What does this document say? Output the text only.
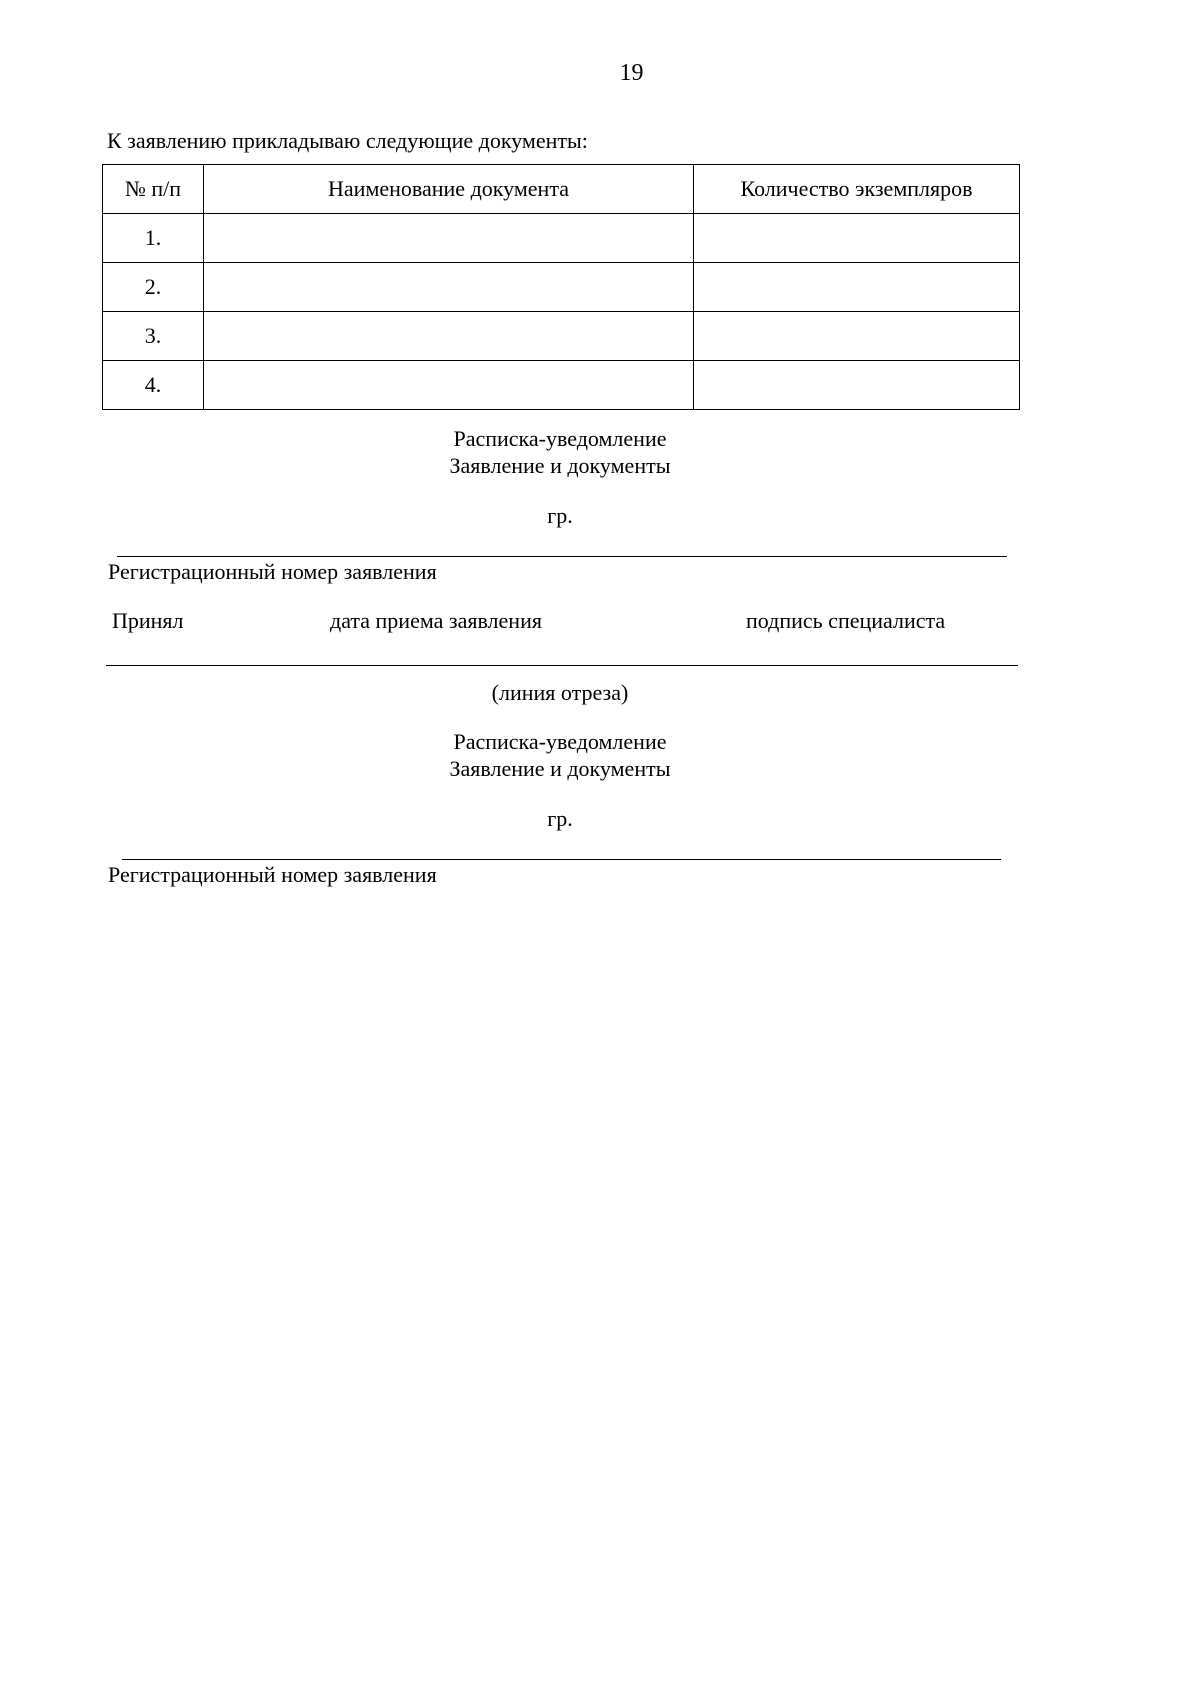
19
К заявлению прикладываю следующие документы:
№ п/п	Наименование документа	Количество экземпляров
1.		
2.		
3.		
4.		
Расписка-уведомление
Заявление и документы
гр.
Регистрационный номер заявления
Принял	дата приема заявления	подпись специалиста
(линия отреза)
Расписка-уведомление
Заявление и документы
гр.
Регистрационный номер заявления
